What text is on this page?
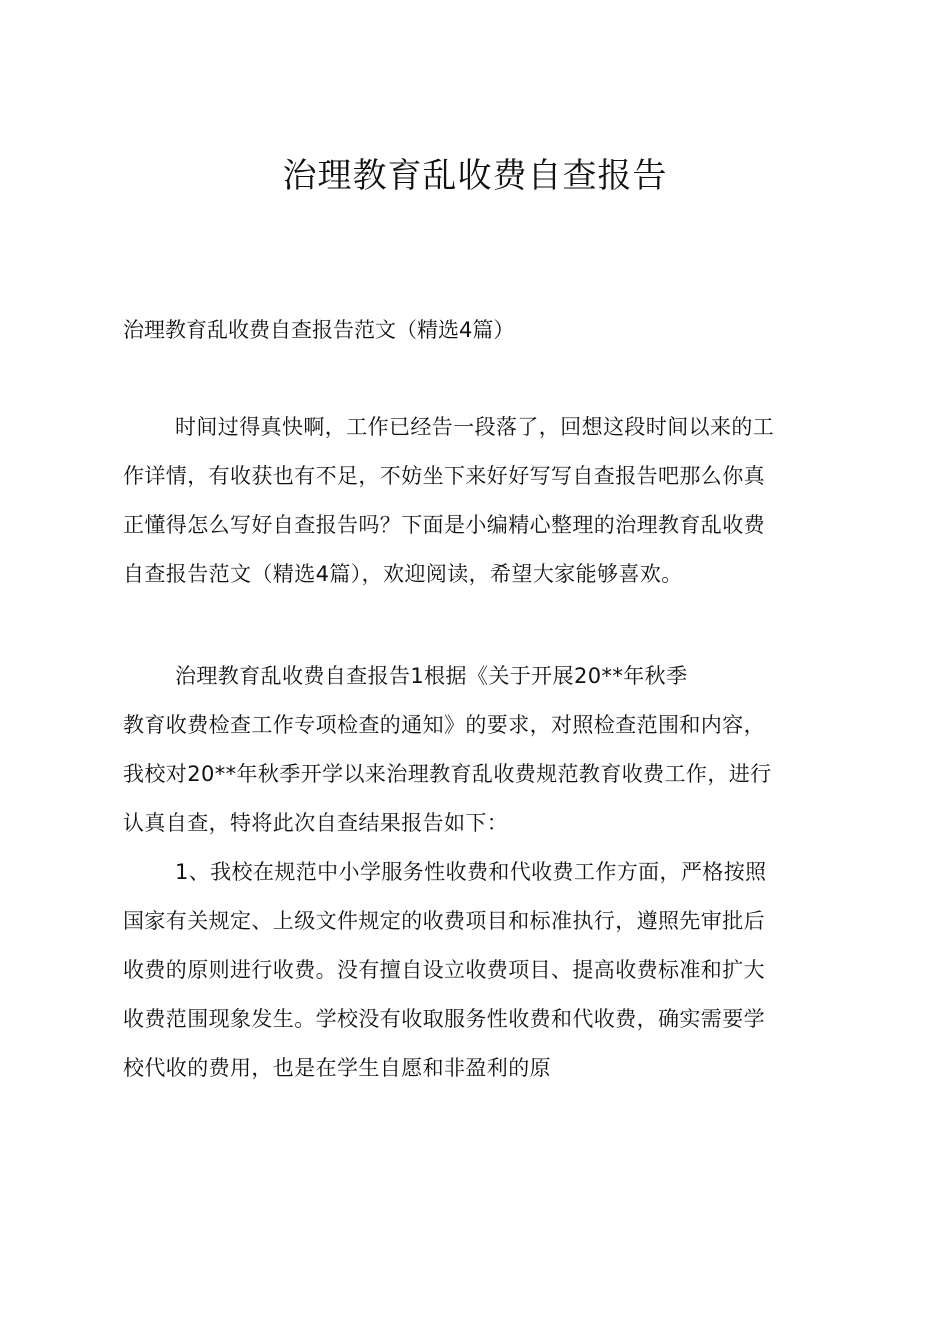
治理教育乱收费自查报告

治理教育乱收费自查报告范文（精选4篇）

时间过得真快啊，工作已经告一段落了，回想这段时间以来的工
作详情，有收获也有不足，不妨坐下来好好写写自查报告吧那么你真
正懂得怎么写好自查报告吗？下面是小编精心整理的治理教育乱收费
自查报告范文（精选4篇），欢迎阅读，希望大家能够喜欢。
治理教育乱收费自查报告1根据《关于开展20**年秋季
教育收费检查工作专项检查的通知》的要求，对照检查范围和内容，
我校对20**年秋季开学以来治理教育乱收费规范教育收费工作，进行
认真自查，特将此次自查结果报告如下：
1、我校在规范中小学服务性收费和代收费工作方面，严格按照
国家有关规定、上级文件规定的收费项目和标准执行，遵照先审批后
收费的原则进行收费。没有擅自设立收费项目、提高收费标准和扩大
收费范围现象发生。学校没有收取服务性收费和代收费，确实需要学
校代收的费用，也是在学生自愿和非盈利的原
